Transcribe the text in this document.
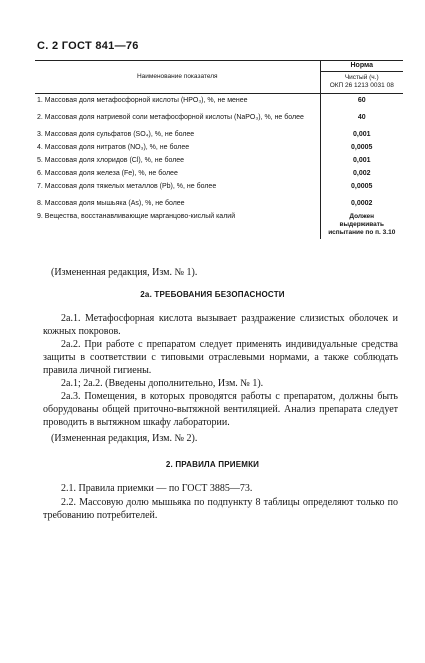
С. 2 ГОСТ 841—76
Наименование показателя	Норма
Чистый (ч.)
ОКП 26 1213 0031 08

1. Массовая доля метафосфорной кислоты (HPO₃), %, не менее	60
2. Массовая доля натриевой соли метафосфорной кислоты (NaPO₃), %, не более	40
3. Массовая доля сульфатов (SO₄), %, не более	0,001
4. Массовая доля нитратов (NO₃), %, не более	0,0005
5. Массовая доля хлоридов (Cl), %, не более	0,001
6. Массовая доля железа (Fe), %, не более	0,002
7. Массовая доля тяжелых металлов (Pb), %, не более	0,0005
8. Массовая доля мышьяка (As), %, не более	0,0002
9. Вещества, восстанавливающие марганцово-кислый калий	Должен
выдерживать
испытание по п. 3.10
(Измененная редакция, Изм. № 1).
2а. ТРЕБОВАНИЯ БЕЗОПАСНОСТИ
2а.1. Метафосфорная кислота вызывает раздражение слизистых оболочек и кожных покровов.
2а.2. При работе с препаратом следует применять индивидуальные средства защиты в соответствии с типовыми отраслевыми нормами, а также соблюдать правила личной гигиены.
2а.1; 2а.2. (Введены дополнительно, Изм. № 1).
2а.3. Помещения, в которых проводятся работы с препаратом, должны быть оборудованы общей приточно-вытяжной вентиляцией. Анализ препарата следует проводить в вытяжном шкафу лаборатории.
(Измененная редакция, Изм. № 2).
2. ПРАВИЛА ПРИЕМКИ
2.1. Правила приемки — по ГОСТ 3885—73.
2.2. Массовую долю мышьяка по подпункту 8 таблицы определяют только по требованию потребителей.
